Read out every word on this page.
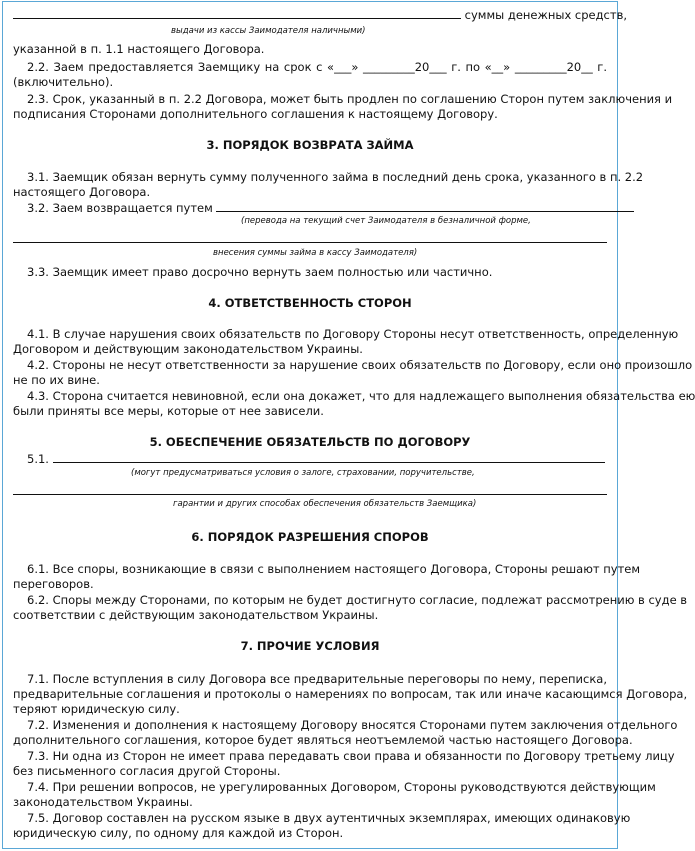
суммы денежных средств,
выдачи из кассы Заимодателя наличными)
указанной в п. 1.1 настоящего Договора.
2.2. Заем предоставляется Заемщику на срок с «___» _________20___ г. по «__» _________20__ г.
(включительно).
2.3. Срок, указанный в п. 2.2 Договора, может быть продлен по соглашению Сторон путем заключения и
подписания Сторонами дополнительного соглашения к настоящему Договору.
3. ПОРЯДОК ВОЗВРАТА ЗАЙМА
3.1. Заемщик обязан вернуть сумму полученного займа в последний день срока, указанного в п. 2.2
настоящего Договора.
3.2. Заем возвращается путем
(перевода на текущий счет Заимодателя в безналичной форме,
внесения суммы займа в кассу Заимодателя)
3.3. Заемщик имеет право досрочно вернуть заем полностью или частично.
4. ОТВЕТСТВЕННОСТЬ СТОРОН
4.1. В случае нарушения своих обязательств по Договору Стороны несут ответственность, определенную
Договором и действующим законодательством Украины.
4.2. Стороны не несут ответственности за нарушение своих обязательств по Договору, если оно произошло
не по их вине.
4.3. Сторона считается невиновной, если она докажет, что для надлежащего выполнения обязательства ею
были приняты все меры, которые от нее зависели.
5. ОБЕСПЕЧЕНИЕ ОБЯЗАТЕЛЬСТВ ПО ДОГОВОРУ
5.1.
(могут предусматриваться условия о залоге, страховании, поручительстве,
гарантии и других способах обеспечения обязательств Заемщика)
6. ПОРЯДОК РАЗРЕШЕНИЯ СПОРОВ
6.1. Все споры, возникающие в связи с выполнением настоящего Договора, Стороны решают путем
переговоров.
6.2. Споры между Сторонами, по которым не будет достигнуто согласие, подлежат рассмотрению в суде в
соответствии с действующим законодательством Украины.
7. ПРОЧИЕ УСЛОВИЯ
7.1. После вступления в силу Договора все предварительные переговоры по нему, переписка,
предварительные соглашения и протоколы о намерениях по вопросам, так или иначе касающимся Договора,
теряют юридическую силу.
7.2. Изменения и дополнения к настоящему Договору вносятся Сторонами путем заключения отдельного
дополнительного соглашения, которое будет являться неотъемлемой частью настоящего Договора.
7.3. Ни одна из Сторон не имеет права передавать свои права и обязанности по Договору третьему лицу
без письменного согласия другой Стороны.
7.4. При решении вопросов, не урегулированных Договором, Стороны руководствуются действующим
законодательством Украины.
7.5. Договор составлен на русском языке в двух аутентичных экземплярах, имеющих одинаковую
юридическую силу, по одному для каждой из Сторон.
